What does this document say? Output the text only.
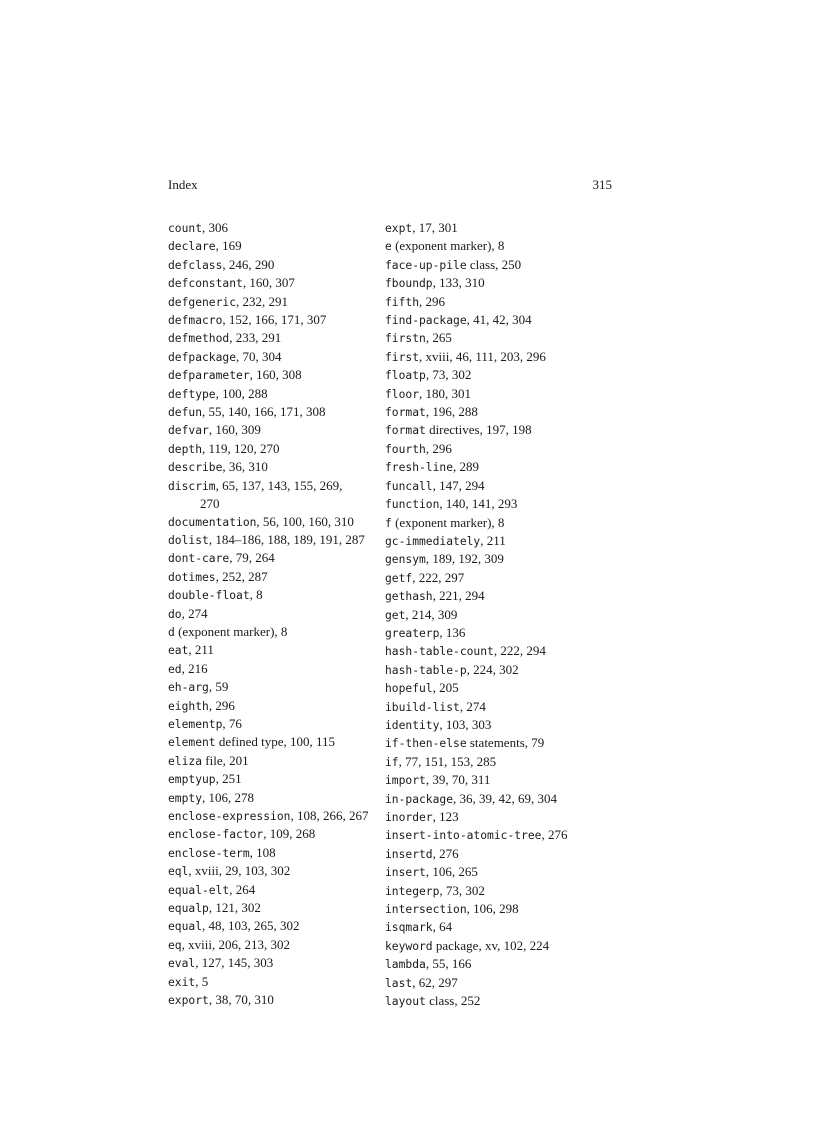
Index	315
count, 306
declare, 169
defclass, 246, 290
defconstant, 160, 307
defgeneric, 232, 291
defmacro, 152, 166, 171, 307
defmethod, 233, 291
defpackage, 70, 304
defparameter, 160, 308
deftype, 100, 288
defun, 55, 140, 166, 171, 308
defvar, 160, 309
depth, 119, 120, 270
describe, 36, 310
discrim, 65, 137, 143, 155, 269,
270
documentation, 56, 100, 160, 310
dolist, 184–186, 188, 189, 191, 287
dont-care, 79, 264
dotimes, 252, 287
double-float, 8
do, 274
d (exponent marker), 8
eat, 211
ed, 216
eh-arg, 59
eighth, 296
elementp, 76
element defined type, 100, 115
eliza file, 201
emptyup, 251
empty, 106, 278
enclose-expression, 108, 266, 267
enclose-factor, 109, 268
enclose-term, 108
eql, xviii, 29, 103, 302
equal-elt, 264
equalp, 121, 302
equal, 48, 103, 265, 302
eq, xviii, 206, 213, 302
eval, 127, 145, 303
exit, 5
export, 38, 70, 310
expt, 17, 301
e (exponent marker), 8
face-up-pile class, 250
fboundp, 133, 310
fifth, 296
find-package, 41, 42, 304
firstn, 265
first, xviii, 46, 111, 203, 296
floatp, 73, 302
floor, 180, 301
format, 196, 288
format directives, 197, 198
fourth, 296
fresh-line, 289
funcall, 147, 294
function, 140, 141, 293
f (exponent marker), 8
gc-immediately, 211
gensym, 189, 192, 309
getf, 222, 297
gethash, 221, 294
get, 214, 309
greaterp, 136
hash-table-count, 222, 294
hash-table-p, 224, 302
hopeful, 205
ibuild-list, 274
identity, 103, 303
if-then-else statements, 79
if, 77, 151, 153, 285
import, 39, 70, 311
in-package, 36, 39, 42, 69, 304
inorder, 123
insert-into-atomic-tree, 276
insertd, 276
insert, 106, 265
integerp, 73, 302
intersection, 106, 298
isqmark, 64
keyword package, xv, 102, 224
lambda, 55, 166
last, 62, 297
layout class, 252
